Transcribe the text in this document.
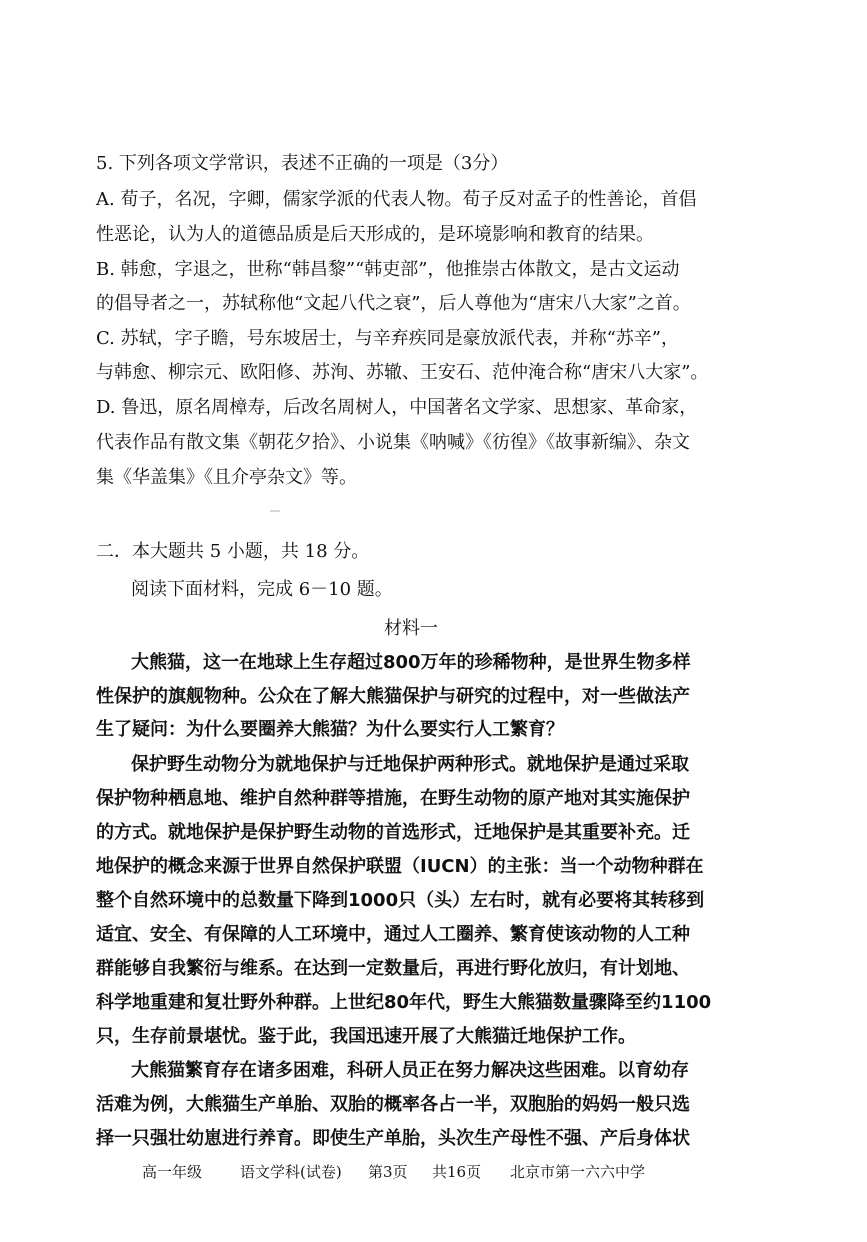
5. 下列各项文学常识，表述不正确的一项是（3分）
A. 荀子，名况，字卿，儒家学派的代表人物。荀子反对孟子的性善论，首倡
性恶论，认为人的道德品质是后天形成的，是环境影响和教育的结果。
B. 韩愈，字退之，世称“韩昌黎”“韩吏部”，他推崇古体散文，是古文运动
的倡导者之一，苏轼称他“文起八代之衰”，后人尊他为“唐宋八大家”之首。
C. 苏轼，字子瞻，号东坡居士，与辛弃疾同是豪放派代表，并称“苏辛”，
与韩愈、柳宗元、欧阳修、苏洵、苏辙、王安石、范仲淹合称“唐宋八大家”。
D. 鲁迅，原名周樟寿，后改名周树人，中国著名文学家、思想家、革命家，
代表作品有散文集《朝花夕拾》、小说集《呐喊》《彷徨》《故事新编》、杂文
集《华盖集》《且介亭杂文》等。
二．本大题共 5 小题，共 18 分。
阅读下面材料，完成 6－10 题。
材料一
大熊猫，这一在地球上生存超过800万年的珍稀物种，是世界生物多样
性保护的旗舰物种。公众在了解大熊猫保护与研究的过程中，对一些做法产
生了疑问：为什么要圈养大熊猫？为什么要实行人工繁育？
保护野生动物分为就地保护与迁地保护两种形式。就地保护是通过采取
保护物种栖息地、维护自然种群等措施，在野生动物的原产地对其实施保护
的方式。就地保护是保护野生动物的首选形式，迁地保护是其重要补充。迁
地保护的概念来源于世界自然保护联盟（IUCN）的主张：当一个动物种群在
整个自然环境中的总数量下降到1000只（头）左右时，就有必要将其转移到
适宜、安全、有保障的人工环境中，通过人工圈养、繁育使该动物的人工种
群能够自我繁衍与维系。在达到一定数量后，再进行野化放归，有计划地、
科学地重建和复壮野外种群。上世纪80年代，野生大熊猫数量骤降至约1100
只，生存前景堪忧。鉴于此，我国迅速开展了大熊猫迁地保护工作。
大熊猫繁育存在诸多困难，科研人员正在努力解决这些困难。以育幼存
活难为例，大熊猫生产单胎、双胎的概率各占一半，双胞胎的妈妈一般只选
择一只强壮幼崽进行养育。即使生产单胎，头次生产母性不强、产后身体状
高一年级	语文学科(试卷) 第3页 共16页 北京市第一六六中学
